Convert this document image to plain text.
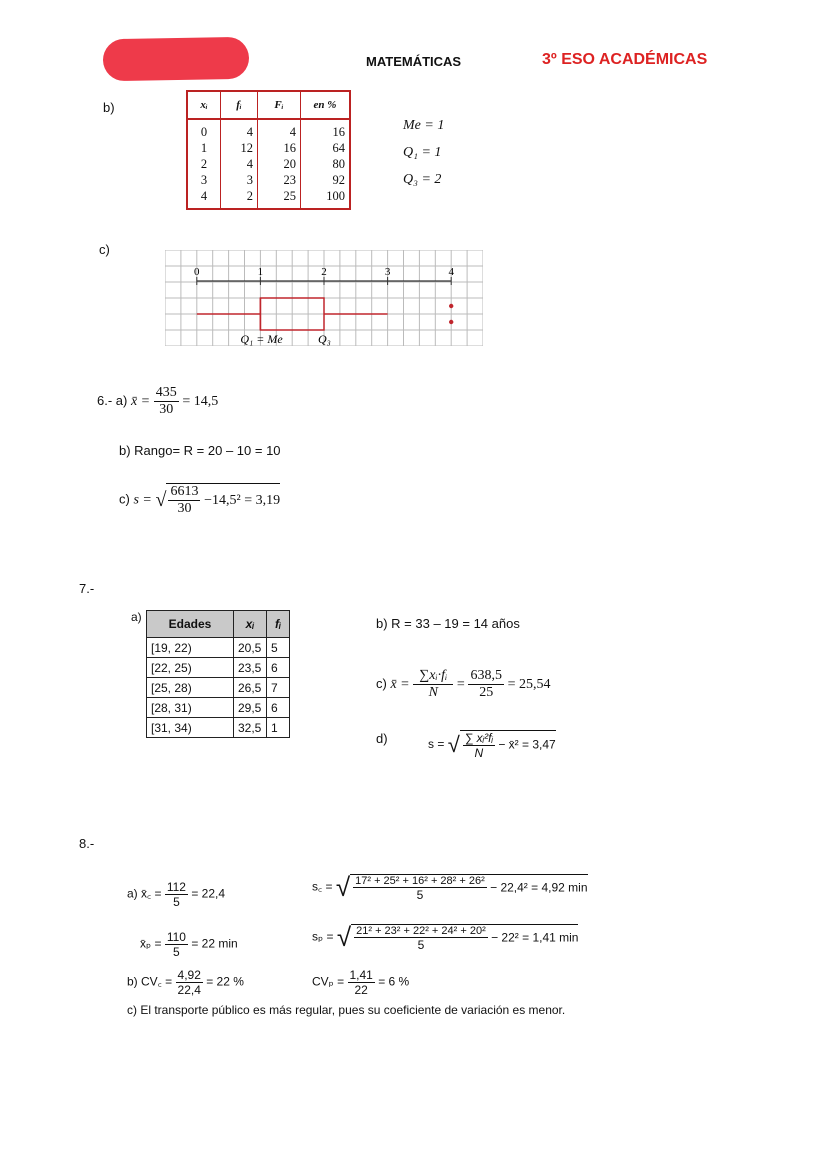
MATEMÁTICAS	3º ESO ACADÉMICAS
b)	xᵢ	fᵢ	Fᵢ	en %
0	4	4	16
1	12	16	64
2	4	20	80
3	3	23	92
4	2	25	100
Me = 1
Q₁ = 1
Q₃ = 2
c)
0	1	2	3	4
Q₁ = Me	Q₃
6.- a) x̄ = $\frac{435}{30} = 14,5$
b) Rango= R = 20 – 10 = 10
c) s = √ $\frac{6613}{30} -14,5^2 = 3,19$
7.-
a) Edades	xᵢ	fᵢ
[19, 22)	20,5	5
[22, 25)	23,5	6
[25, 28)	26,5	7
[28, 31)	29,5	6
[31, 34)	32,5	1
b) R = 33 – 19 = 14 años
c) x̄ = $\frac{\text{∑xᵢ·fᵢ}}{N} = \frac{638,5}{25} = 25,54$
d)	s = √ $\frac{\text{∑ xᵢ²fᵢ}}{N}$ − x̄² = 3,47
8.-
a) x̄꜀ = $\frac{112}{5} = 22,4$	s꜀ = √ $\frac{\text{17² + 25² + 16² + 28² + 26²}}{5} - 22,4^2 = 4,92$ min
x̄ₚ = $\frac{110}{5} = 22$ min	sₚ = √ $\frac{\text{21² + 23² + 22² + 24² + 20²}}{5} - 22^2 = 1,41$ min
b) CV꜀ = $\frac{4,92}{22,4} = 22$ %	$CV_p = \frac{1,41}{22} = 6$ %
c) El transporte público es más regular, pues su coeficiente de variación es menor.
